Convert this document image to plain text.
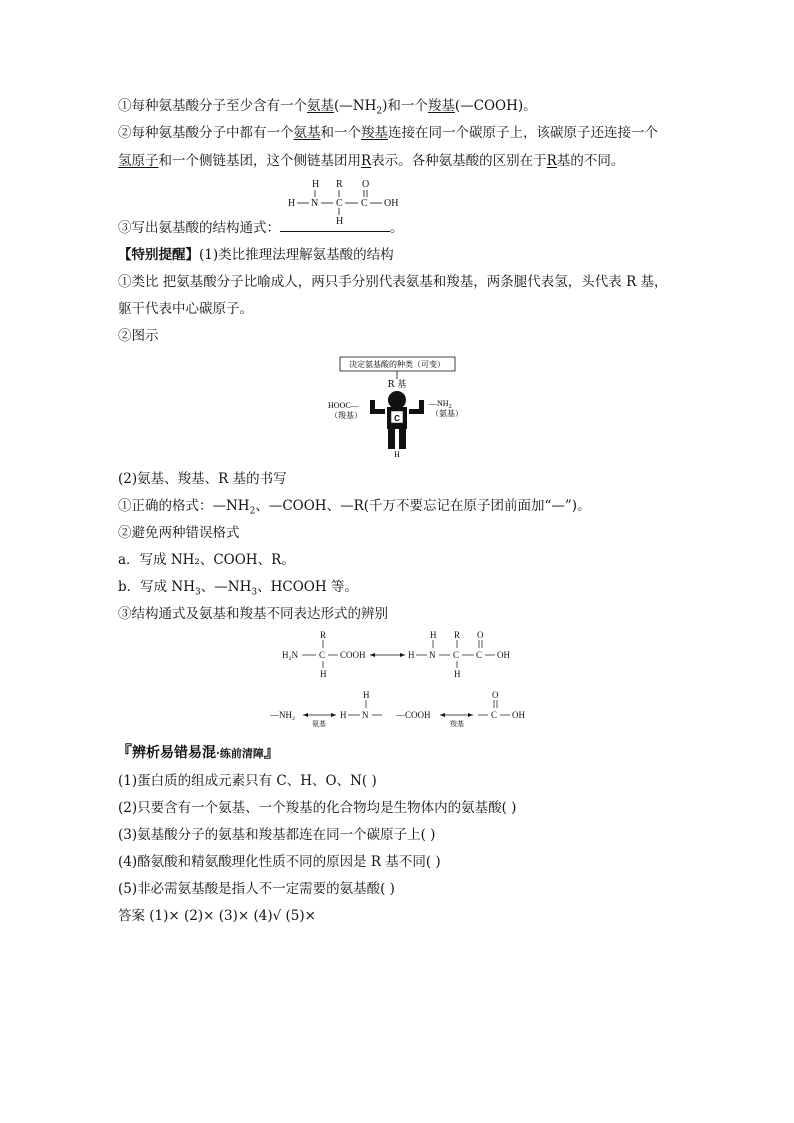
①每种氨基酸分子至少含有一个氨基$(—NH_2)$和一个羧基(—COOH)。
②每种氨基酸分子中都有一个氨基和一个羧基连接在同一个碳原子上，该碳原子还连接一个
氢原子和一个侧链基团，这个侧链基团用R表示。各种氨基酸的区别在于R基的不同。
H R O
H N C C OH
H
③写出氨基酸的结构通式：	。
【特别提醒】(1)类比推理法理解氨基酸的结构
①类比 把氨基酸分子比喻成人，两只手分别代表氨基和羧基，两条腿代表氢，头代表 R 基，
躯干代表中心碳原子。
②图示
决定氨基酸的种类（可变）
R 基
C
HOOC—
（羧基）
$—NH_2$
（氨基）
H
(2)氨基、羧基、R 基的书写
①正确的格式：$—NH_2$、—COOH、—R(千万不要忘记在原子团前面加“—”)。
②避免两种错误格式
a．写成 NH₂、COOH、R。
b．写成 $NH_3$、$—NH_3$、HCOOH 等。
③结构通式及氨基和羧基不同表达形式的辨别
R
H₂N C COOH
H
H R O
H N C C OH
H
—NH₂
氨基
H
H N	—COOH
羧基
O
C OH
『辨析易错易混·练前清障』
(1)蛋白质的组成元素只有 C、H、O、N( )
(2)只要含有一个氨基、一个羧基的化合物均是生物体内的氨基酸( )
(3)氨基酸分子的氨基和羧基都连在同一个碳原子上( )
(4)酪氨酸和精氨酸理化性质不同的原因是 R 基不同( )
(5)非必需氨基酸是指人不一定需要的氨基酸( )
答案 (1)× (2)× (3)× (4)√ (5)×
